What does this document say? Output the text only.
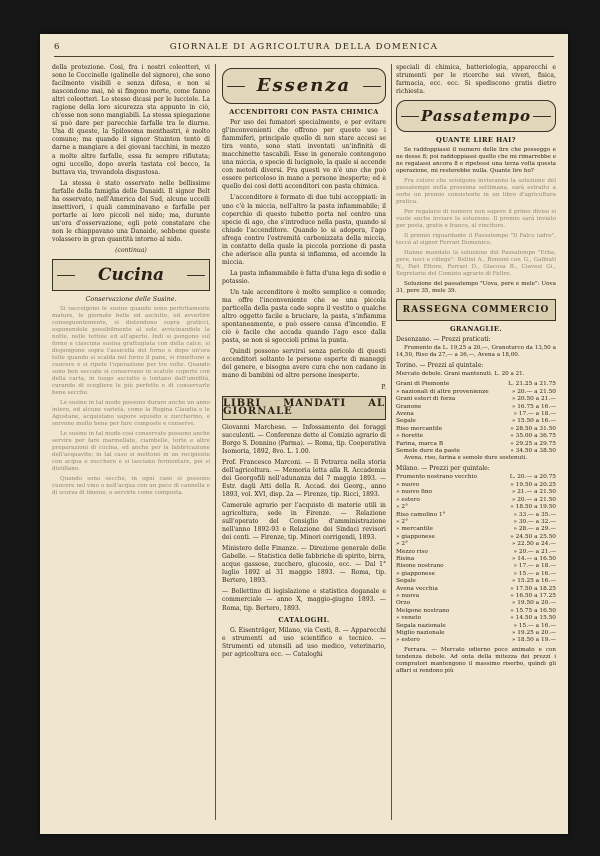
6	GIORNALE DI AGRICOLTURA DELLA DOMENICA

della protezione. Così, fra i nostri coleotteri, vi sono le Coccinelle (galinelle del signore), che sono facilmente visibili e senza difesa, e non si nascondono mai, nè si fingono morte, come fanno altri coleotteri. Lo stesso dicasi per le lucciole. La ragione della loro sicurezza sta appunto in ciò, ch'esse non sono mangiabili. La stessa spiegazione si può dare per parecchie farfalle tra le diurne. Una di queste, la Spilosoma menthastri, è molto comune; ma quando il signor Stainton tentò di darne a mangiare a dei giovani tacchini, in mezzo a molte altre farfalle, essa fu sempre rifiutata; ogni uccello, dopo averla tastata col becco, la buttava via, trovandola disgustosa.

La stessa è stato osservato nelle bellissime farfalle della famiglia delle Danaidi. Il signor Belt ha osservato, nell'America del Sud, alcune uccelli insettivori, i quali camminavano e farfalle per portarle ai loro piccoli nel nido; ma, durante un'ora d'osservazione, egli potè constatare che non le chiappavano una Danaide, sebbene queste volassero in gran quantità intorno al nido.

(continua)
Cucina
Conservazione delle Susine.

Si raccolgono le susine quando sono perfettamente mature, le giornate belle ed asciutte, ed avvertire conseguentemente, si distendono sopra graticci, esponendole possibilmente al sole avvicinandole la notte, nelle tettoie ed all'aperto. Indi si pongono sul forno e ciascuna susina grattugiata con della calce, si dispongono sopra l'assicella del forno e dopo un'ora tolte quando si scalda nel forno il pane, si rimettono a cuocere e si ripete l'operazione per tre volte. Quando sono ben seccate si conservano in scatole coperte con della carta, in luogo asciutto e lontano dall'umidità, curando di scegliere le più perfette e di conservarle bene secche.

Le susine in tal modo possono durare anche un anno intero, ed alcune varietà, come la Regina Claudia e le Agostane, acquistano sapore squisito e zuccherino, e servono molto bene per fare composte e conserve.

Le susine in tal modo così conservate possono anche servire per fare marmellate, ciambelle, torte e altre preparazioni di cucina, ed anche per la fabbricazione dell'acquavite; in tal caso si mettono in un recipiente con acqua e zucchero e si lasciano fermentare, poi si distillano.

Quando sono secche, in ogni caso si possono cuocere nel vino o nell'acqua con un poco di cannella e di scorza di limone, e servirle come composta.

Essenza
ACCENDITORI CON PASTA CHIMICA

Per uso dei fumatori specialmente, e per evitare gl'inconvenienti che offrono per questo uso i fiammiferi, principale quello di non stare accesi se tira vento, sono stati inventati un'infinità di macchinette tascabili. Esse in generale contengono una miccia, o specie di lucignolo, la quale si accende con metodi diversi. Fra questi ve n'è uno che può essere pericoloso in mano a persone inesperte; ed è quello dei così detti accenditori con pasta chimica.

L'accenditore è formato di due tubi accoppiati: in uno c'è la miccia, nell'altro la pasta infiammabile; il coperchio di questo tubetto porta nel centro una specie di ago, che s'introduce nella pasta, quando si chiude l'accenditore. Quando lo si adopera, l'ago sfrega contro l'estremità carbonizzata della miccia, in contatto della quale la piccola porzione di pasta che aderisce alla punta si infiamma, ed accende la miccia.

La pasta infiammabile è fatta d'una lega di sodio e potassio.

Un tale accenditore è molto semplice e comodo; ma offre l'inconveniente che se una piccola particella della pasta cade sopra il vestito o qualche altro oggetto facile a bruciare, la pasta, s'infiamma spontaneamente, e può essere causa d'incendio. E ciò è facile che accada quando l'ago esce dalla pasta, se non si sgoccioli prima la punta.

Quindi possono servirsi senza pericolo di questi accenditori soltanto le persone esperte di maneggi del genere, e bisogna avere cura che non cadano in mano di bambini od altre persone inesperte.

P.
LIBRI MANDATI AL GIORNALE

Giovanni Marchese. — Infossamento dei foraggi succulenti. — Conferenze dette al Comizio agrario di Borgo S. Donnino (Parma). — Roma, tip. Cooperativa Isomoria, 1892, 8vo. L. 1.00.

Prof. Francesco Marconi. — Il Petrarca nella storia dell'agricoltura. — Memoria letta alla R. Accademia dei Georgofili nell'adunanza del 7 maggio 1893. — Estr. dagli Atti della R. Accad. dei Georg., anno 1893, vol. XVI, disp. 2a — Firenze, tip. Ricci, 1893.

Camerale agrario per l'acquisto di materie utili in agricoltura, sede in Firenze. — Relazione sull'operato del Consiglio d'amministrazione nell'anno 1892-93 e Relazione dei Sindaci revisori dei conti. — Firenze, tip. Minori corrigendi, 1893.

Ministero delle Finanze. — Direzione generale delle Gabelle. — Statistica delle fabbriche di spirito, birra, acque gassose, zucchero, glucosio, ecc. — Dal 1° luglio 1892 al 31 maggio 1893. — Roma, tip. Bertero, 1893.

— Bollettino di legislazione e statistica doganale e commerciale — anno X, maggio-giugno 1893. — Roma, tip. Bertero, 1893.

CATALOGHI.

G. Eisenträger, Milano, via Cesti, 8. — Apparecchi e strumenti ad uso scientifico e tecnico. — Strumenti ed utensili ad uso medico, veterinario, per agricoltura ecc. — Cataloghi

speciali di chimica, batteriologia, apparecchi e strumenti per le ricerche sui viveri, fisica, farmacia, ecc. ecc. Si spediscono gratis dietro richiesta.

Passatempo
QUANTE LIRE HAI?

Se raddoppiassi il numero delle lire che posseggo e ne desse 8; poi raddoppiassi quello che mi rimarrebbe e ne regalassi ancora 8 e ripetessi una terza volta questa operazione, mi resterebbe nulla. Quante lire ho?

Fra coloro che sciolgono invieranno la soluzione del passatempo nella prossima settimana, sarà estratto a sorte un premio consistente in un libro d'agricoltura pratica.

Per regalarsi di numero non sapere il primo diviso si vuole anche inviare la soluzione. Il premio sarà inviato per posta, gratis e franco, al vincitore.

Il premio riguardante il Passatempo "Il Falco ladro", toccò al signor Ferrari Domenico.

Hanno mandato la soluzione del Passatempo "Erba, pere, noci e ciliege": Bellini A., Bonomi cav. G., Galbiati N., Pari Ettore, Ferrari D., Giacosa B., Ciavesi Gi., Segretario del Comizio agrario di Feltre.

Soluzione del passatempo "Uova, pere e mele": Uova 31, pere 35, mele 39.

RASSEGNA COMMERCIO
GRANAGLIE.

Desenzano. — Prezzi praticati:

Frumento da L. 19,25 a 20,—, Granoturco da 13,50 a 14,50, Riso da 27,— a 36,—, Avena a 18,00.

Torino. — Prezzi al quintale:

Mercato debole. Grani mantenuti. L. 20 a 21.

Grani di Piemonte	L. 21.25 a 21.75
» nazionali di altre provenienze	» 20.— a 21.50
Grani esteri di forza	» 20.50 a 21.—
Granone	» 16.75 a 16.—
Avena	» 17.— a 18.—
Segale	» 15.50 a 16.—
Riso mercantile	» 28.50 a 31.50
» fiorette	» 35.00 a 36.75
Farina, marca B	» 29.25 a 29.75
Semole dure da paste	» 34.50 a 38.50

Avena, riso, farina e semole dure sostenuti.

Milano. — Prezzi per quintale:

Frumento nostrano vecchio	L. 20.— a 20.75
» nuovo	» 19.50 a 20.25
» nuovo fino	» 21.— a 21.50
» estero	» 20.— a 21.50
» 2°	» 18.50 a 19.50
Riso camolino 1°	» 33.— a 35.—
» 2°	» 30.— a 32.—
» mercantile	» 28.— a 29.—
» giapponese	» 24.50 a 25.50
» 2°	» 22.50 a 24.—
Mezzo riso	» 20.— a 21.—
Risina	» 14.— a 16.50
Risone nostrano	» 17.— a 18.—
» giapponese	» 15.— a 16.—
Segale	» 15.25 a 16.—
Avena vecchia	» 17.50 a 18.25
» nuova	» 16.50 a 17.25
Orzo	» 19.50 a 20.—
Melgone nostrano	» 15.75 a 16.50
» veneto	» 14.50 a 15.50
Segala nazionale	» 15.— a 16.—
Miglio nazionale	» 19.25 a 20.—
» estero	» 18.50 a 19.—

Ferrara. — Mercato odierno poco animato e con tendenza debole. Ad onta della mitezza dei prezzi i compratori mantengono il massimo riserbo, quindi gli affari si rendono più
